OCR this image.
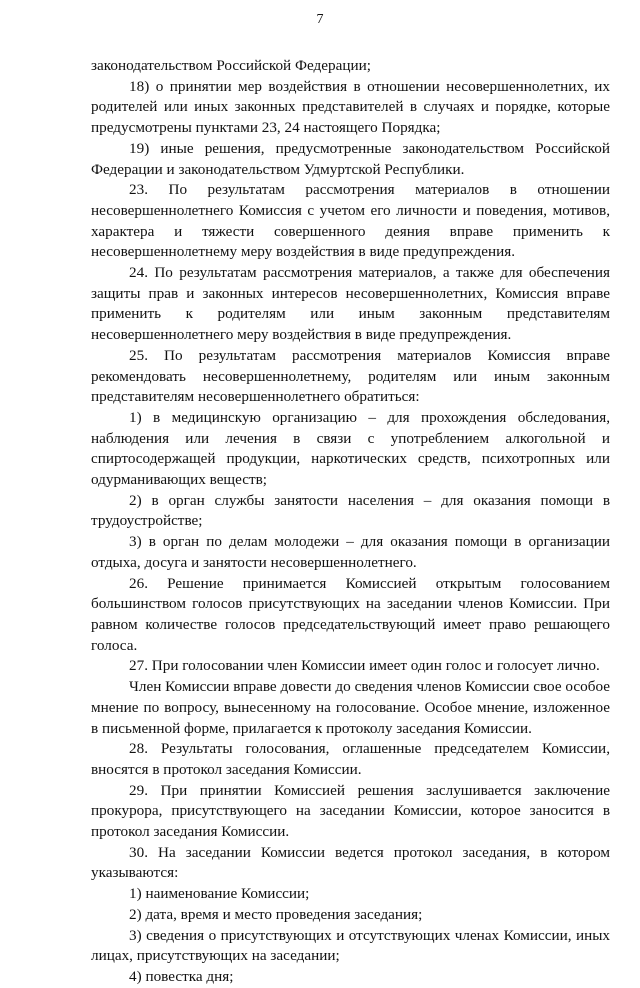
7

законодательством Российской Федерации;

18) о принятии мер воздействия в отношении несовершеннолетних, их родителей или иных законных представителей в случаях и порядке, которые предусмотрены пунктами 23, 24 настоящего Порядка;

19) иные решения, предусмотренные законодательством Российской Федерации и законодательством Удмуртской Республики.

23. По результатам рассмотрения материалов в отношении несовершеннолетнего Комиссия с учетом его личности и поведения, мотивов, характера и тяжести совершенного деяния вправе применить к несовершеннолетнему меру воздействия в виде предупреждения.

24. По результатам рассмотрения материалов, а также для обеспечения защиты прав и законных интересов несовершеннолетних, Комиссия вправе применить к родителям или иным законным представителям несовершеннолетнего меру воздействия в виде предупреждения.

25. По результатам рассмотрения материалов Комиссия вправе рекомендовать несовершеннолетнему, родителям или иным законным представителям несовершеннолетнего обратиться:

1) в медицинскую организацию – для прохождения обследования, наблюдения или лечения в связи с употреблением алкогольной и спиртосодержащей продукции, наркотических средств, психотропных или одурманивающих веществ;

2) в орган службы занятости населения – для оказания помощи в трудоустройстве;

3) в орган по делам молодежи – для оказания помощи в организации отдыха, досуга и занятости несовершеннолетнего.

26. Решение принимается Комиссией открытым голосованием большинством голосов присутствующих на заседании членов Комиссии. При равном количестве голосов председательствующий имеет право решающего голоса.

27. При голосовании член Комиссии имеет один голос и голосует лично.

Член Комиссии вправе довести до сведения членов Комиссии свое особое мнение по вопросу, вынесенному на голосование. Особое мнение, изложенное в письменной форме, прилагается к протоколу заседания Комиссии.

28. Результаты голосования, оглашенные председателем Комиссии, вносятся в протокол заседания Комиссии.

29. При принятии Комиссией решения заслушивается заключение прокурора, присутствующего на заседании Комиссии, которое заносится в протокол заседания Комиссии.

30. На заседании Комиссии ведется протокол заседания, в котором указываются:

1) наименование Комиссии;

2) дата, время и место проведения заседания;

3) сведения о присутствующих и отсутствующих членах Комиссии, иных лицах, присутствующих на заседании;

4) повестка дня;
